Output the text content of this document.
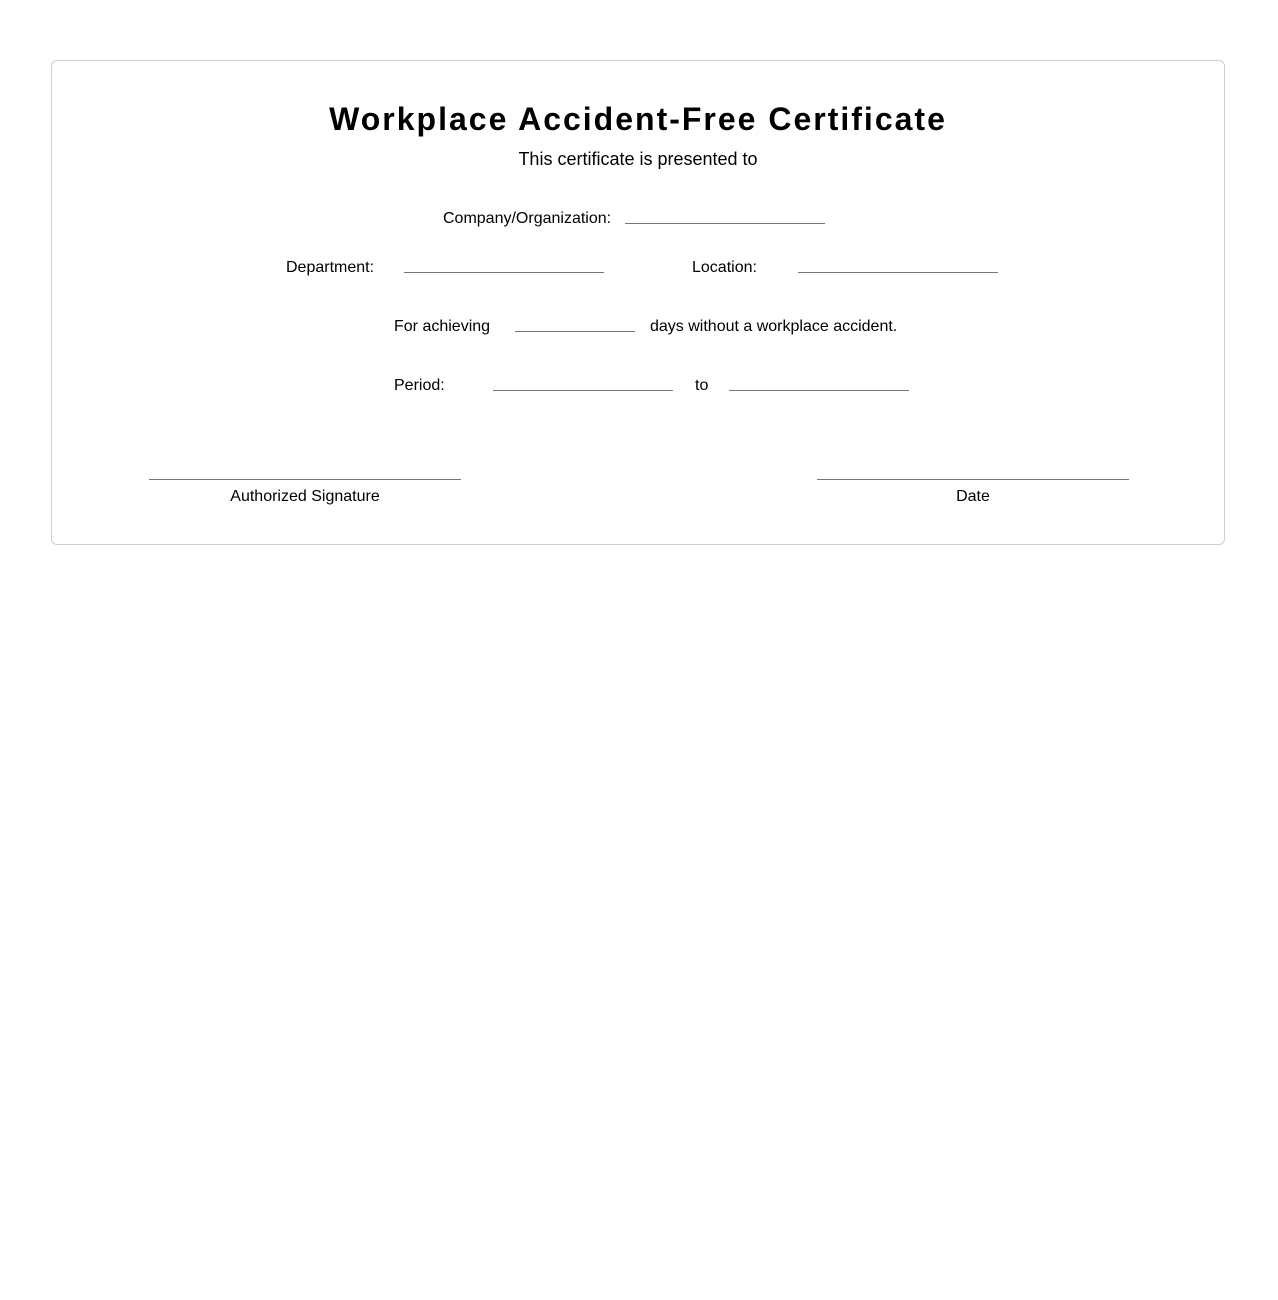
Workplace Accident-Free Certificate
This certificate is presented to
Company/Organization:
Department:	Location:
For achieving	days without a workplace accident.
Period:	to
Authorized Signature	Date
